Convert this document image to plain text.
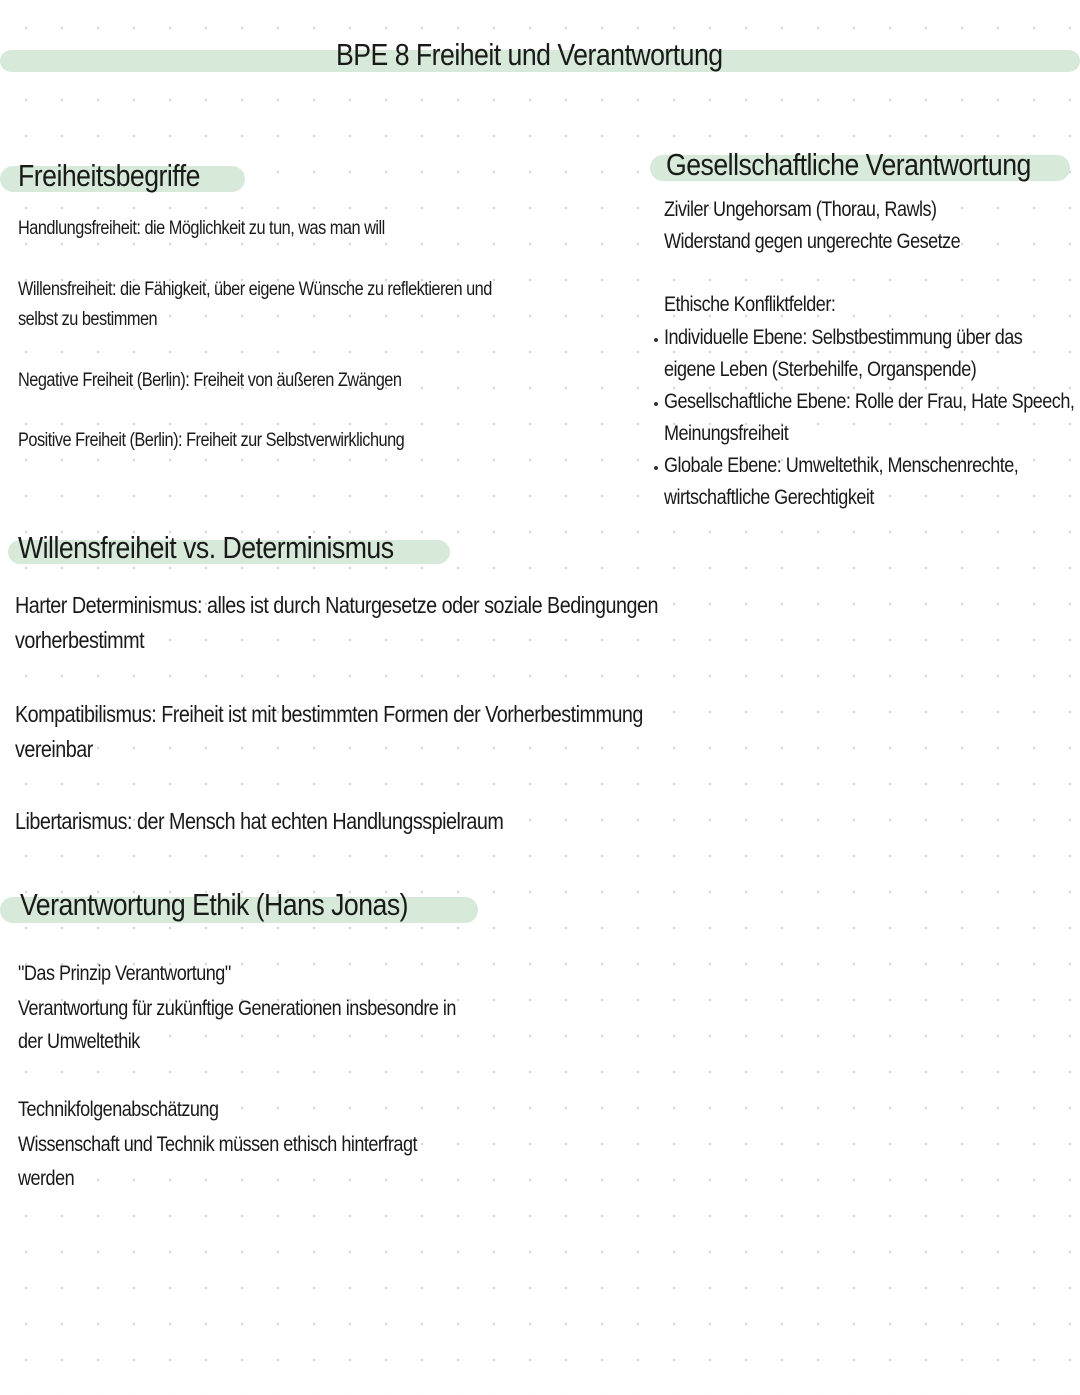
BPE 8 Freiheit und Verantwortung
Freiheitsbegriffe
Handlungsfreiheit: die Möglichkeit zu tun, was man will
Willensfreiheit: die Fähigkeit, über eigene Wünsche zu reflektieren und
selbst zu bestimmen
Negative Freiheit (Berlin): Freiheit von äußeren Zwängen
Positive Freiheit (Berlin): Freiheit zur Selbstverwirklichung
Gesellschaftliche Verantwortung
Ziviler Ungehorsam (Thorau, Rawls)
Widerstand gegen ungerechte Gesetze
Ethische Konfliktfelder:
Individuelle Ebene: Selbstbestimmung über das
eigene Leben (Sterbehilfe, Organspende)
Gesellschaftliche Ebene: Rolle der Frau, Hate Speech,
Meinungsfreiheit
Globale Ebene: Umweltethik, Menschenrechte,
wirtschaftliche Gerechtigkeit
Willensfreiheit vs. Determinismus
Harter Determinismus: alles ist durch Naturgesetze oder soziale Bedingungen
vorherbestimmt
Kompatibilismus: Freiheit ist mit bestimmten Formen der Vorherbestimmung
vereinbar
Libertarismus: der Mensch hat echten Handlungsspielraum
Verantwortung Ethik (Hans Jonas)
"Das Prinzip Verantwortung"
Verantwortung für zukünftige Generationen insbesondre in
der Umweltethik
Technikfolgenabschätzung
Wissenschaft und Technik müssen ethisch hinterfragt
werden
